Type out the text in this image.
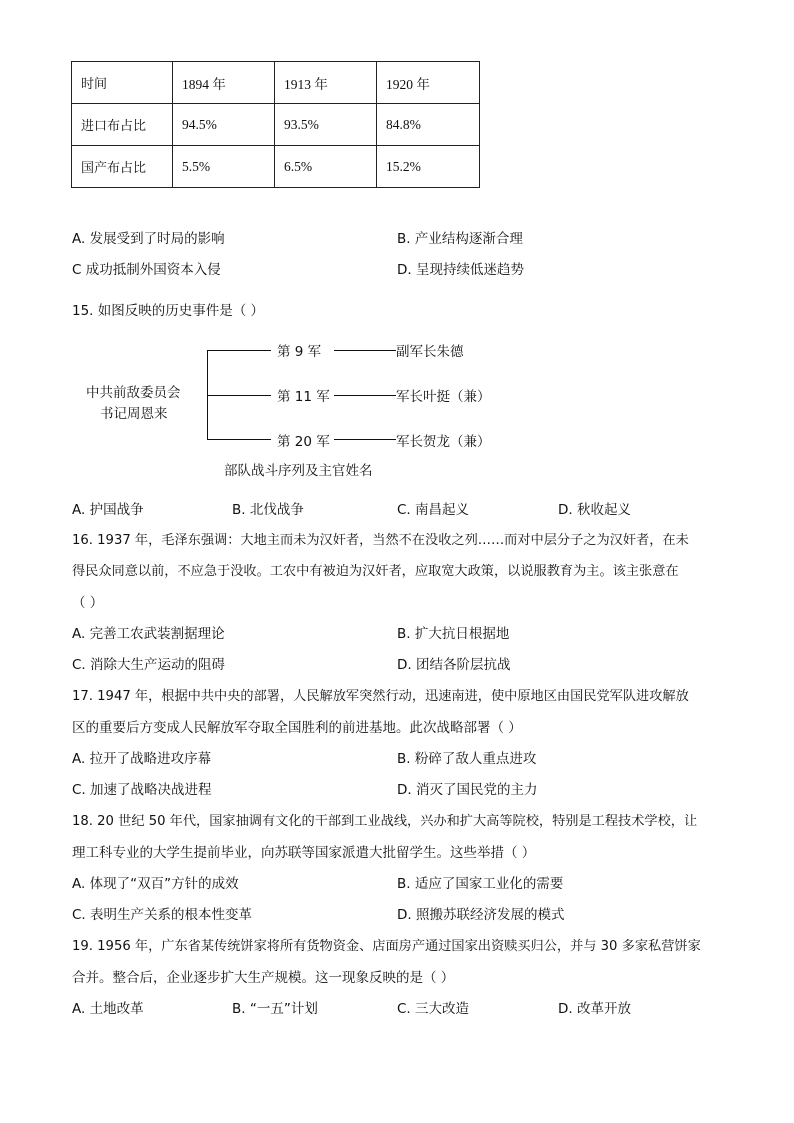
时间	1894 年	1913 年	1920 年
进口布占比	94.5%	93.5%	84.8%
国产布占比	5.5%	6.5%	15.2%
A. 发展受到了时局的影响	B. 产业结构逐渐合理
C 成功抵制外国资本入侵	D. 呈现持续低迷趋势
15. 如图反映的历史事件是（ ）
中共前敌委员会
书记周恩来
第 9 军
第 11 军
第 20 军
副军长朱德
军长叶挺（兼）
军长贺龙（兼）
部队战斗序列及主官姓名
A. 护国战争	B. 北伐战争	C. 南昌起义	D. 秋收起义
16. 1937 年，毛泽东强调：大地主而未为汉奸者，当然不在没收之列……而对中层分子之为汉奸者，在未
得民众同意以前，不应急于没收。工农中有被迫为汉奸者，应取宽大政策，以说服教育为主。该主张意在
（ ）
A. 完善工农武装割据理论	B. 扩大抗日根据地
C. 消除大生产运动的阻碍	D. 团结各阶层抗战
17. 1947 年，根据中共中央的部署，人民解放军突然行动，迅速南进，使中原地区由国民党军队进攻解放
区的重要后方变成人民解放军夺取全国胜利的前进基地。此次战略部署（ ）
A. 拉开了战略进攻序幕	B. 粉碎了敌人重点进攻
C. 加速了战略决战进程	D. 消灭了国民党的主力
18. 20 世纪 50 年代，国家抽调有文化的干部到工业战线，兴办和扩大高等院校，特别是工程技术学校，让
理工科专业的大学生提前毕业，向苏联等国家派遣大批留学生。这些举措（ ）
A. 体现了“双百”方针的成效	B. 适应了国家工业化的需要
C. 表明生产关系的根本性变革	D. 照搬苏联经济发展的模式
19. 1956 年，广东省某传统饼家将所有货物资金、店面房产通过国家出资赎买归公，并与 30 多家私营饼家
合并。整合后，企业逐步扩大生产规模。这一现象反映的是（ ）
A. 土地改革	B. “一五”计划	C. 三大改造	D. 改革开放
